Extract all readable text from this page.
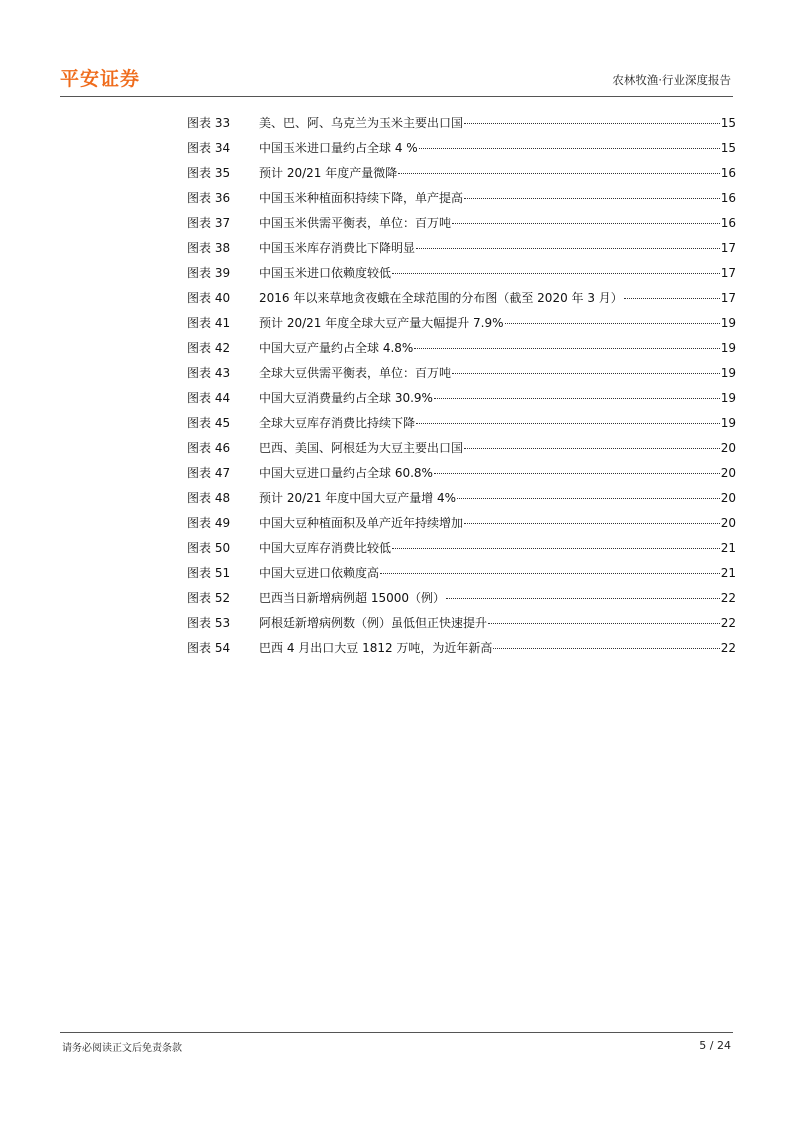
平安证券	农林牧渔·行业深度报告
图表 33	美、巴、阿、乌克兰为玉米主要出口国	15
图表 34	中国玉米进口量约占全球 4 %	15
图表 35	预计 20/21 年度产量微降	16
图表 36	中国玉米种植面积持续下降，单产提高	16
图表 37	中国玉米供需平衡表，单位：百万吨	16
图表 38	中国玉米库存消费比下降明显	17
图表 39	中国玉米进口依赖度较低	17
图表 40	2016 年以来草地贪夜蛾在全球范围的分布图（截至 2020 年 3 月）	17
图表 41	预计 20/21 年度全球大豆产量大幅提升 7.9%	19
图表 42	中国大豆产量约占全球 4.8%	19
图表 43	全球大豆供需平衡表，单位：百万吨	19
图表 44	中国大豆消费量约占全球 30.9%	19
图表 45	全球大豆库存消费比持续下降	19
图表 46	巴西、美国、阿根廷为大豆主要出口国	20
图表 47	中国大豆进口量约占全球 60.8%	20
图表 48	预计 20/21 年度中国大豆产量增 4%	20
图表 49	中国大豆种植面积及单产近年持续增加	20
图表 50	中国大豆库存消费比较低	21
图表 51	中国大豆进口依赖度高	21
图表 52	巴西当日新增病例超 15000（例）	22
图表 53	阿根廷新增病例数（例）虽低但正快速提升	22
图表 54	巴西 4 月出口大豆 1812 万吨，为近年新高	22
请务必阅读正文后免责条款	5 / 24
